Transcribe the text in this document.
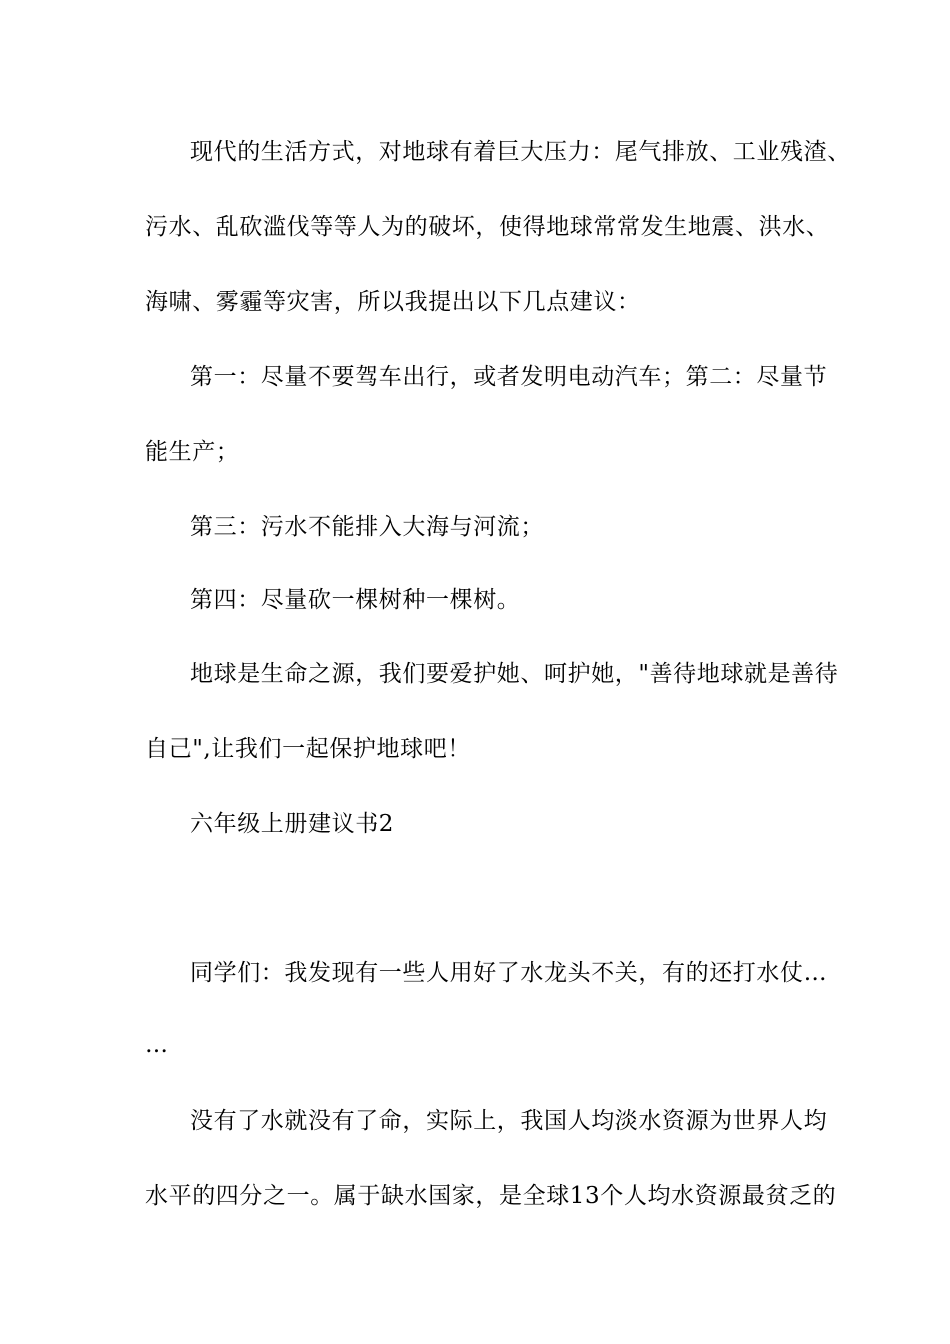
现代的生活方式，对地球有着巨大压力：尾气排放、工业残渣、
污水、乱砍滥伐等等人为的破坏，使得地球常常发生地震、洪水、
海啸、雾霾等灾害，所以我提出以下几点建议：
第一：尽量不要驾车出行，或者发明电动汽车；第二：尽量节
能生产；
第三：污水不能排入大海与河流；
第四：尽量砍一棵树种一棵树。
地球是生命之源，我们要爱护她、呵护她，"善待地球就是善待
自己",让我们一起保护地球吧！
六年级上册建议书2
同学们：我发现有一些人用好了水龙头不关，有的还打水仗…
…
没有了水就没有了命，实际上，我国人均淡水资源为世界人均
水平的四分之一。属于缺水国家，是全球13个人均水资源最贫乏的
